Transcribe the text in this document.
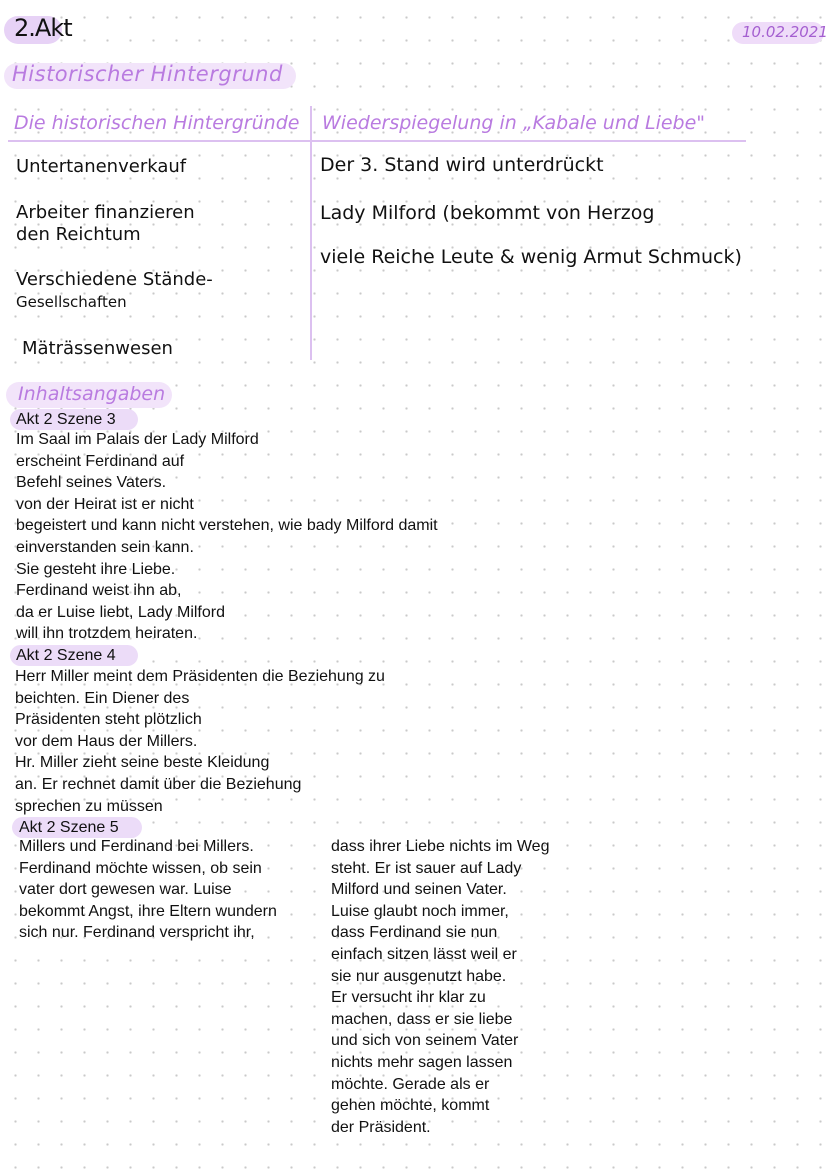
2.Akt	10.02.2021
Historischer Hintergrund
Die historischen Hintergründe Wiederspiegelung in „Kabale und Liebe"
Untertanenverkauf
Arbeiter finanzieren
den Reichtum
Verschiedene Stände-
Gesellschaften
Mäträssenwesen
Der 3. Stand wird unterdrückt
Lady Milford (bekommt von Herzog
viele Reiche Leute & wenig Armut Schmuck)
Inhaltsangaben
Akt 2 Szene 3
Im Saal im Palais der Lady Milford
erscheint Ferdinand auf
Befehl seines Vaters.
von der Heirat ist er nicht
begeistert und kann nicht verstehen, wie bady Milford damit
einverstanden sein kann.
Sie gesteht ihre Liebe.
Ferdinand weist ihn ab,
da er Luise liebt, Lady Milford
will ihn trotzdem heiraten.
Akt 2 Szene 4
Herr Miller meint dem Präsidenten die Beziehung zu
beichten. Ein Diener des
Präsidenten steht plötzlich
vor dem Haus der Millers.
Hr. Miller zieht seine beste Kleidung
an. Er rechnet damit über die Beziehung
sprechen zu müssen
Akt 2 Szene 5
Millers und Ferdinand bei Millers.
Ferdinand möchte wissen, ob sein
vater dort gewesen war. Luise
bekommt Angst, ihre Eltern wundern
sich nur. Ferdinand verspricht ihr,
dass ihrer Liebe nichts im Weg
steht. Er ist sauer auf Lady
Milford und seinen Vater.
Luise glaubt noch immer,
dass Ferdinand sie nun
einfach sitzen lässt weil er
sie nur ausgenutzt habe.
Er versucht ihr klar zu
machen, dass er sie liebe
und sich von seinem Vater
nichts mehr sagen lassen
möchte. Gerade als er
gehen möchte, kommt
der Präsident.
